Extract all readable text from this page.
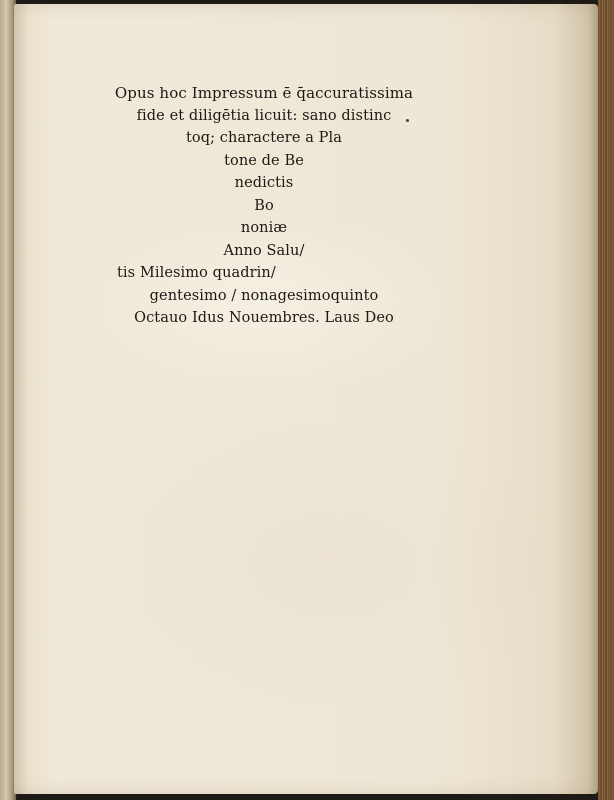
Opus hoc Impressum ē q̄accuratissima
fide et diligētia licuit: sano distinc
toq; charactere a Pla
tone de Be
nedictis
Bo
noniæ
Anno Salu/
tis Milesimo quadrin/
gentesimo / nonagesimoquinto
Octauo Idus Nouembres. Laus Deo
